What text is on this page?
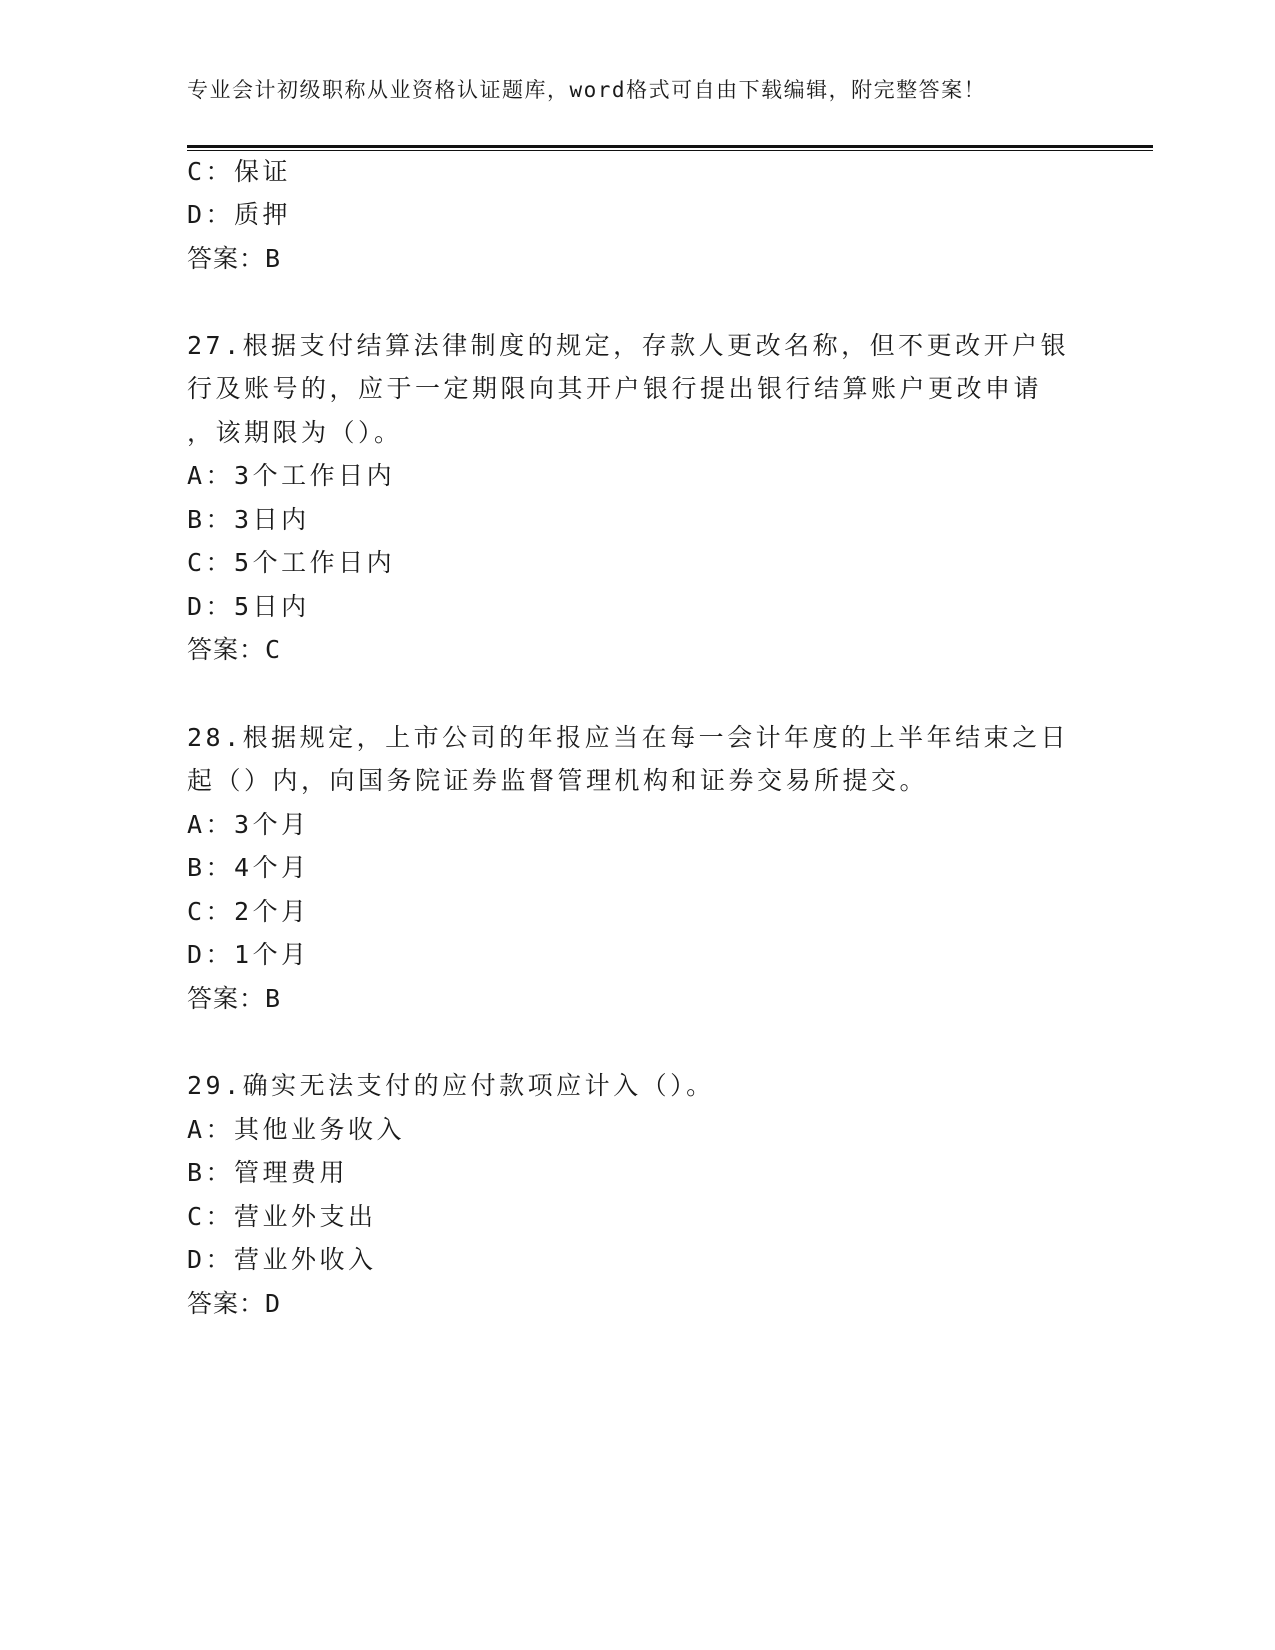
专业会计初级职称从业资格认证题库，word格式可自由下载编辑，附完整答案！
C：保证
D：质押
答案：B
27.根据支付结算法律制度的规定，存款人更改名称，但不更改开户银
行及账号的，应于一定期限向其开户银行提出银行结算账户更改申请
，该期限为（）。
A：3个工作日内
B：3日内
C：5个工作日内
D：5日内
答案：C
28.根据规定，上市公司的年报应当在每一会计年度的上半年结束之日
起（）内，向国务院证券监督管理机构和证券交易所提交。
A：3个月
B：4个月
C：2个月
D：1个月
答案：B
29.确实无法支付的应付款项应计入（）。
A：其他业务收入
B：管理费用
C：营业外支出
D：营业外收入
答案：D
